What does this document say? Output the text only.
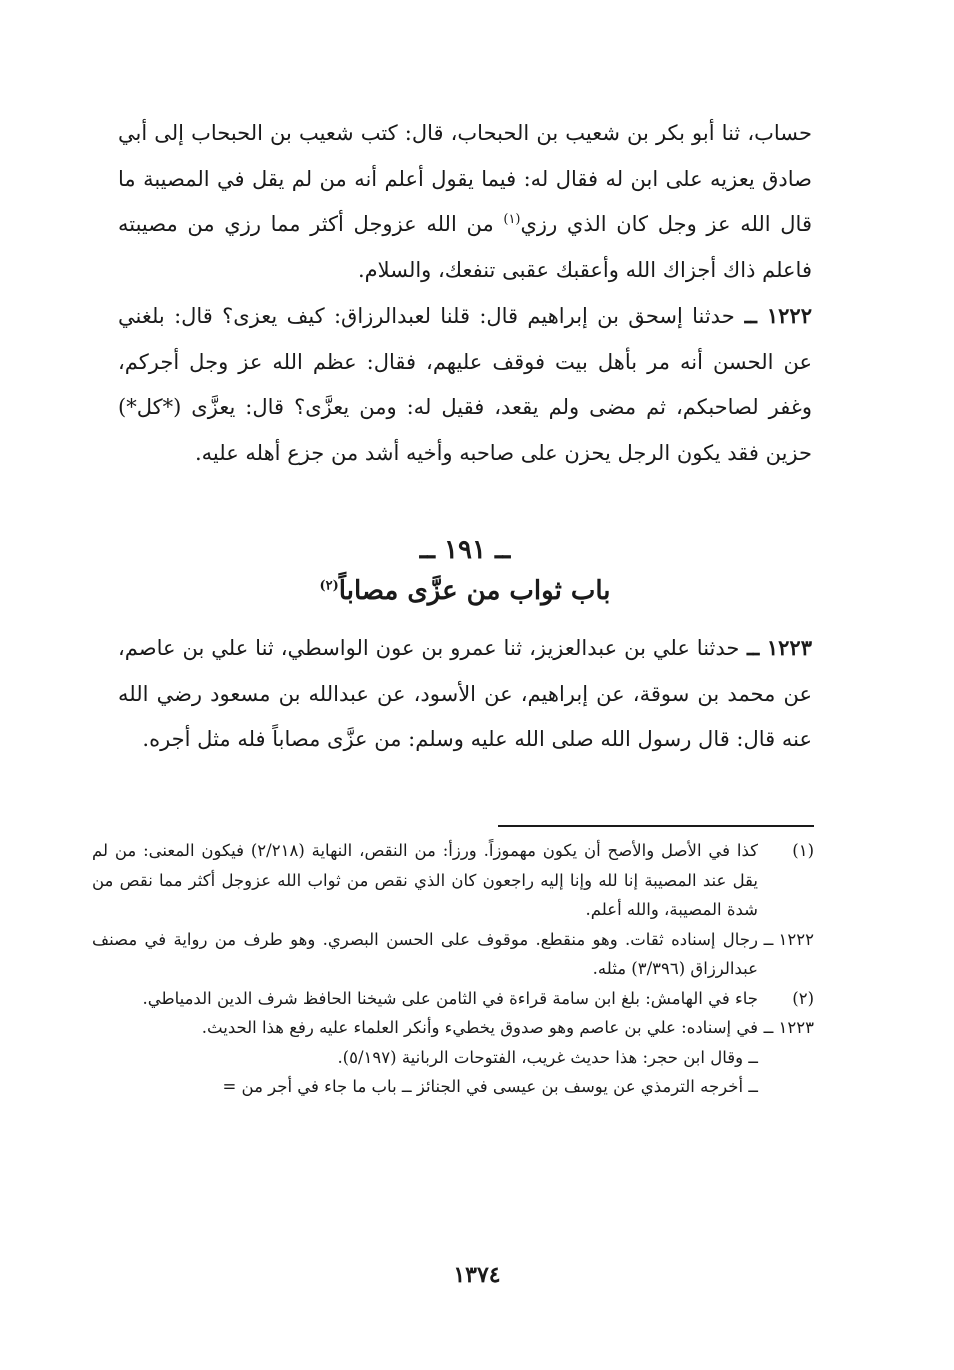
حساب، ثنا أبو بكر بن شعيب بن الحبحاب، قال: كتب شعيب بن الحبحاب إلى أبي صادق يعزيه على ابن له فقال له: فيما يقول أعلم أنه من لم يقل في المصيبة ما قال الله عز وجل كان الذي رزي$^{(١)}$ من الله عزوجل أكثر مما رزي من مصيبته فاعلم ذاك أجزاك الله وأعقبك عقبى تنفعك، والسلام.

١٢٢٢ ــ حدثنا إسحق بن إبراهيم قال: قلنا لعبدالرزاق: كيف يعزى؟ قال: بلغني عن الحسن أنه مر بأهل بيت فوقف عليهم، فقال: عظم الله عز وجل أجركم، وغفر لصاحبكم، ثم مضى ولم يقعد، فقيل له: ومن يعزَّى؟ قال: يعزَّى (*كل*) حزين فقد يكون الرجل يحزن على صاحبه وأخيه أشد من جزع أهله عليه.

ــ ١٩١ ــ
باب ثواب من عزَّى مصاباً$^{(٢)}$

١٢٢٣ ــ حدثنا علي بن عبدالعزيز، ثنا عمرو بن عون الواسطي، ثنا علي بن عاصم، عن محمد بن سوقة، عن إبراهيم، عن الأسود، عن عبدالله بن مسعود رضي الله عنه قال: قال رسول الله صلى الله عليه وسلم: من عزَّى مصاباً فله مثل أجره.

(١)
كذا في الأصل والأصح أن يكون مهموزاً. ورزأ: من النقص، النهاية (٢/٢١٨) فيكون المعنى: من لم يقل عند المصيبة إنا لله وإنا إليه راجعون كان الذي نقص من ثواب الله عزوجل أكثر مما نقص من شدة المصيبة، والله أعلم.
١٢٢٢ ــ
رجال إسناده ثقات. وهو منقطع. موقوف على الحسن البصري. وهو طرف من رواية في مصنف عبدالرزاق (٣/٣٩٦) مثله.
(٢)
جاء في الهامش: بلغ ابن سامة قراءة في الثامن على شيخنا الحافظ شرف الدين الدمياطي.
١٢٢٣ ــ
في إسناده: علي بن عاصم وهو صدوق يخطيء وأنكر العلماء عليه رفع هذا الحديث.
ــ وقال ابن حجر: هذا حديث غريب، الفتوحات الربانية (٥/١٩٧).
ــ أخرجه الترمذي عن يوسف بن عيسى في الجنائز ــ باب ما جاء في أجر من =
١٣٧٤
